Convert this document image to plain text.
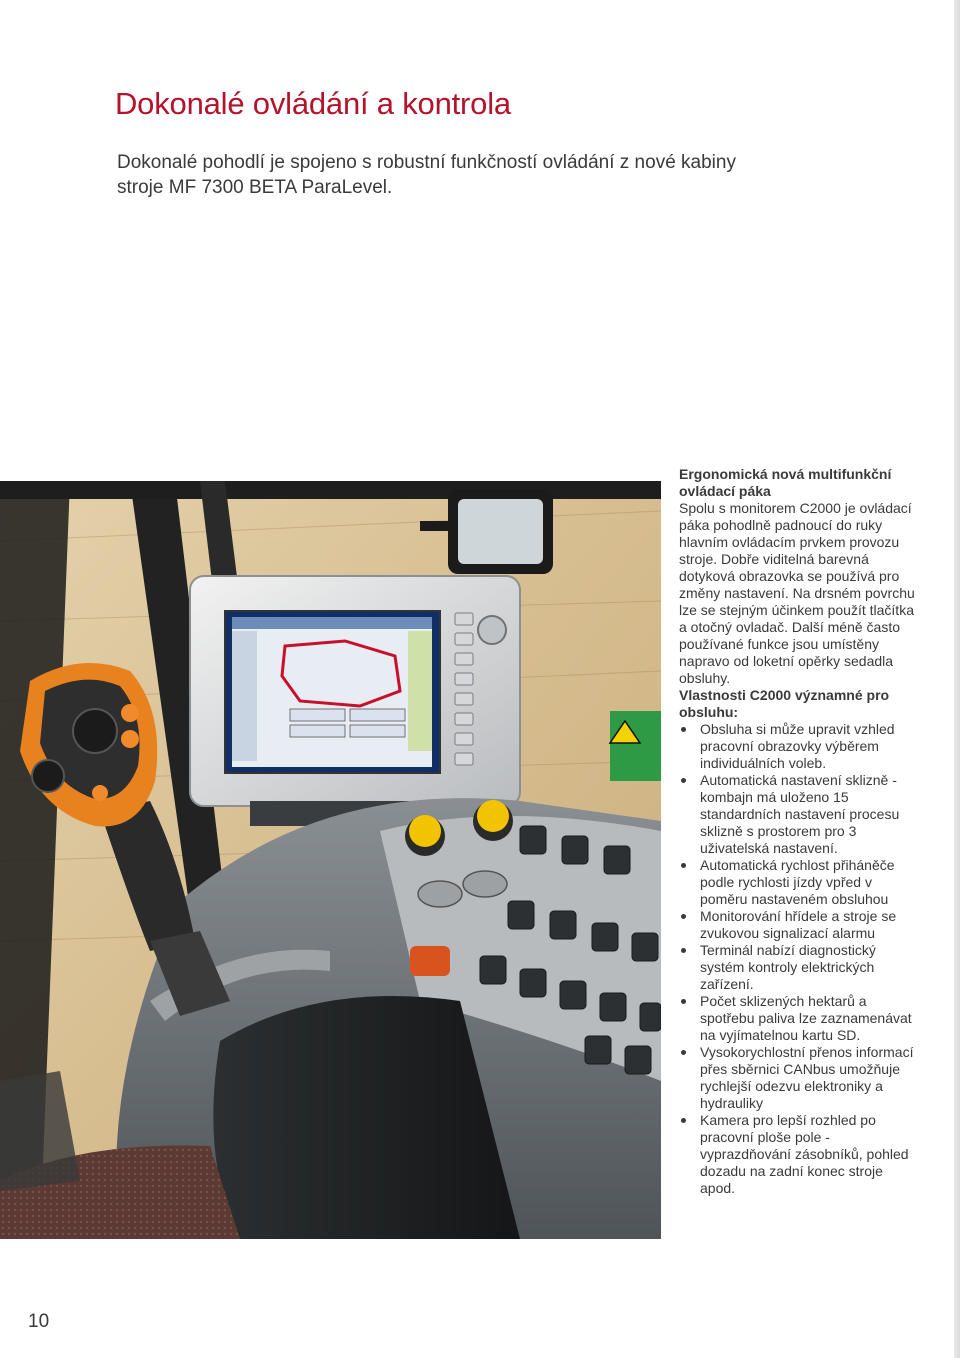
Dokonalé ovládání a kontrola

Dokonalé pohodlí je spojeno s robustní funkčností ovládání z nové kabiny stroje MF 7300 BETA ParaLevel.

Ergonomická nová multifunkční ovládací páka

Spolu s monitorem C2000 je ovládací páka pohodlně padnoucí do ruky hlavním ovládacím prvkem provozu stroje. Dobře viditelná barevná dotyková obrazovka se používá pro změny nastavení. Na drsném povrchu lze se stejným účinkem použít tlačítka a otočný ovladač. Další méně často používané funkce jsou umístěny napravo od loketní opěrky sedadla obsluhy.

Vlastnosti C2000 významné pro obsluhu:

Obsluha si může upravit vzhled pracovní obrazovky výběrem individuálních voleb.
Automatická nastavení sklizně - kombajn má uloženo 15 standardních nastavení procesu sklizně s prostorem pro 3 uživatelská nastavení.
Automatická rychlost přiháněče podle rychlosti jízdy vpřed v poměru nastaveném obsluhou
Monitorování hřídele a stroje se zvukovou signalizací alarmu
Terminál nabízí diagnostický systém kontroly elektrických zařízení.
Počet sklizených hektarů a spotřebu paliva lze zaznamenávat na vyjímatelnou kartu SD.
Vysokorychlostní přenos informací přes sběrnici CANbus umožňuje rychlejší odezvu elektroniky a hydrauliky
Kamera pro lepší rozhled po pracovní ploše pole - vyprazdňování zásobníků, pohled dozadu na zadní konec stroje apod.
10
